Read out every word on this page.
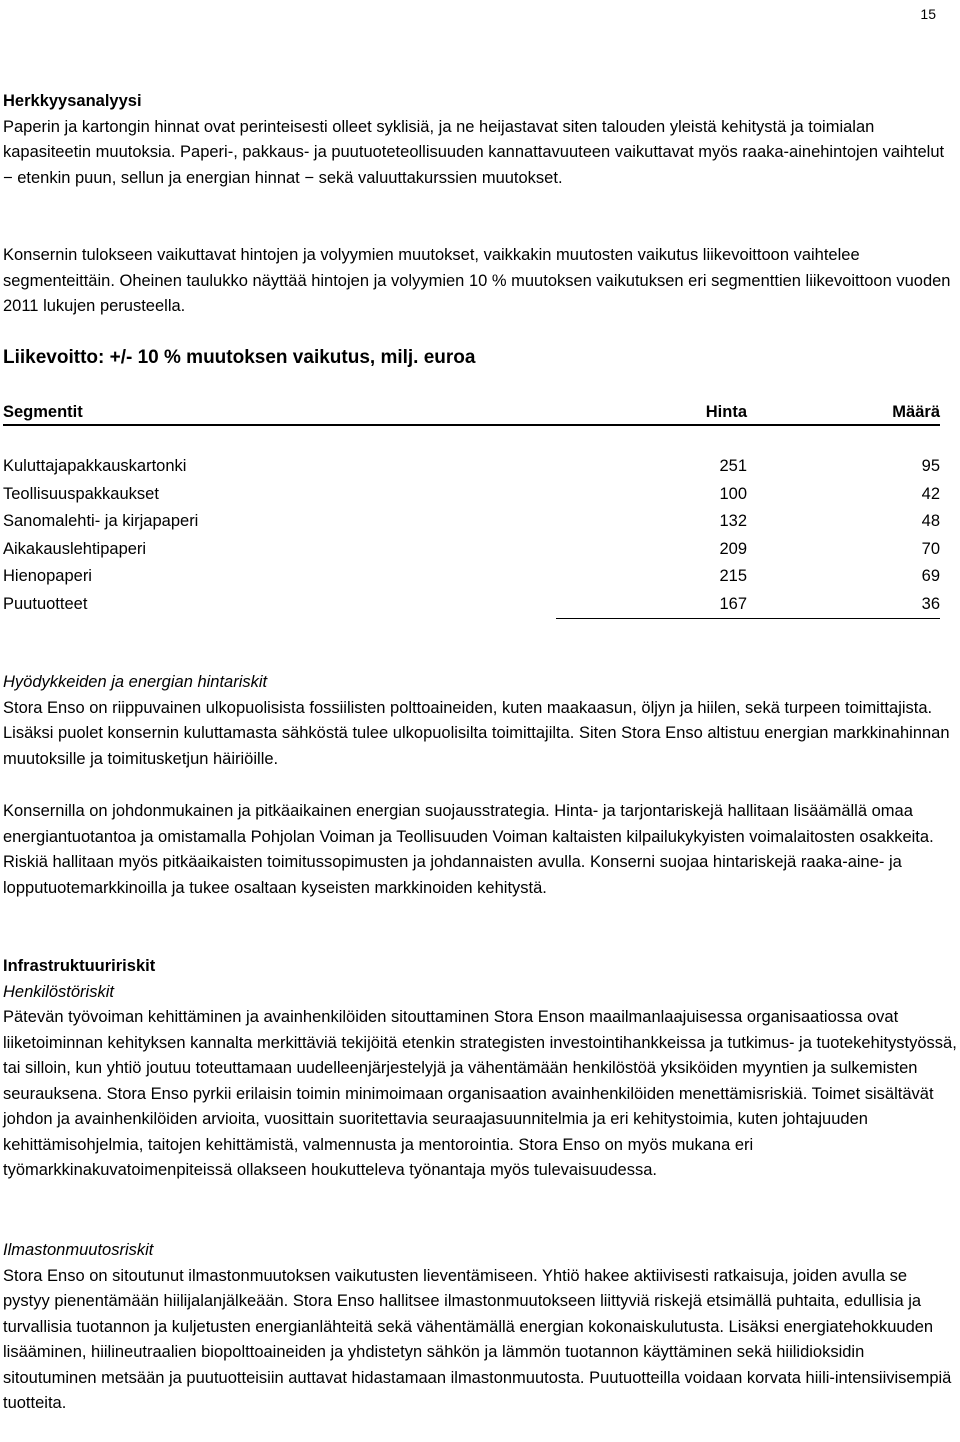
15
Herkkyysanalyysi

Paperin ja kartongin hinnat ovat perinteisesti olleet syklisiä, ja ne heijastavat siten talouden yleistä kehitystä ja toimialan kapasiteetin muutoksia. Paperi-, pakkaus- ja puutuoteteollisuuden kannattavuuteen vaikuttavat myös raaka-ainehintojen vaihtelut − etenkin puun, sellun ja energian hinnat − sekä valuuttakurssien muutokset.

Konsernin tulokseen vaikuttavat hintojen ja volyymien muutokset, vaikkakin muutosten vaikutus liikevoittoon vaihtelee segmenteittäin. Oheinen taulukko näyttää hintojen ja volyymien 10 % muutoksen vaikutuksen eri segmenttien liikevoittoon vuoden 2011 lukujen perusteella.

Liikevoitto: +/- 10 % muutoksen vaikutus, milj. euroa
Segmentit	Hinta	Määrä
Kuluttajapakkauskartonki	251	95
Teollisuuspakkaukset	100	42
Sanomalehti- ja kirjapaperi	132	48
Aikakauslehtipaperi	209	70
Hienopaperi	215	69
Puutuotteet	167	36
Hyödykkeiden ja energian hintariskit

Stora Enso on riippuvainen ulkopuolisista fossiilisten polttoaineiden, kuten maakaasun, öljyn ja hiilen, sekä turpeen toimittajista. Lisäksi puolet konsernin kuluttamasta sähköstä tulee ulkopuolisilta toimittajilta. Siten Stora Enso altistuu energian markkinahinnan muutoksille ja toimitusketjun häiriöille.

Konsernilla on johdonmukainen ja pitkäaikainen energian suojausstrategia. Hinta- ja tarjontariskejä hallitaan lisäämällä omaa energiantuotantoa ja omistamalla Pohjolan Voiman ja Teollisuuden Voiman kaltaisten kilpailukykyisten voimalaitosten osakkeita. Riskiä hallitaan myös pitkäaikaisten toimitussopimusten ja johdannaisten avulla. Konserni suojaa hintariskejä raaka-aine- ja lopputuotemarkkinoilla ja tukee osaltaan kyseisten markkinoiden kehitystä.

Infrastruktuuririskit
Henkilöstöriskit

Pätevän työvoiman kehittäminen ja avainhenkilöiden sitouttaminen Stora Enson maailmanlaajuisessa organisaatiossa ovat liiketoiminnan kehityksen kannalta merkittäviä tekijöitä etenkin strategisten investointihankkeissa ja tutkimus- ja tuotekehitystyössä, tai silloin, kun yhtiö joutuu toteuttamaan uudelleenjärjestelyjä ja vähentämään henkilöstöä yksiköiden myyntien ja sulkemisten seurauksena. Stora Enso pyrkii erilaisin toimin minimoimaan organisaation avainhenkilöiden menettämisriskiä. Toimet sisältävät johdon ja avainhenkilöiden arvioita, vuosittain suoritettavia seuraajasuunnitelmia ja eri kehitystoimia, kuten johtajuuden kehittämisohjelmia, taitojen kehittämistä, valmennusta ja mentorointia. Stora Enso on myös mukana eri työmarkkinakuvatoimenpiteissä ollakseen houkutteleva työnantaja myös tulevaisuudessa.

Ilmastonmuutosriskit

Stora Enso on sitoutunut ilmastonmuutoksen vaikutusten lieventämiseen. Yhtiö hakee aktiivisesti ratkaisuja, joiden avulla se pystyy pienentämään hiilijalanjälkeään. Stora Enso hallitsee ilmastonmuutokseen liittyviä riskejä etsimällä puhtaita, edullisia ja turvallisia tuotannon ja kuljetusten energianlähteitä sekä vähentämällä energian kokonaiskulutusta. Lisäksi energiatehokkuuden lisääminen, hiilineutraalien biopolttoaineiden ja yhdistetyn sähkön ja lämmön tuotannon käyttäminen sekä hiilidioksidin sitoutuminen metsään ja puutuotteisiin auttavat hidastamaan ilmastonmuutosta. Puutuotteilla voidaan korvata hiili-intensiivisempiä tuotteita.
